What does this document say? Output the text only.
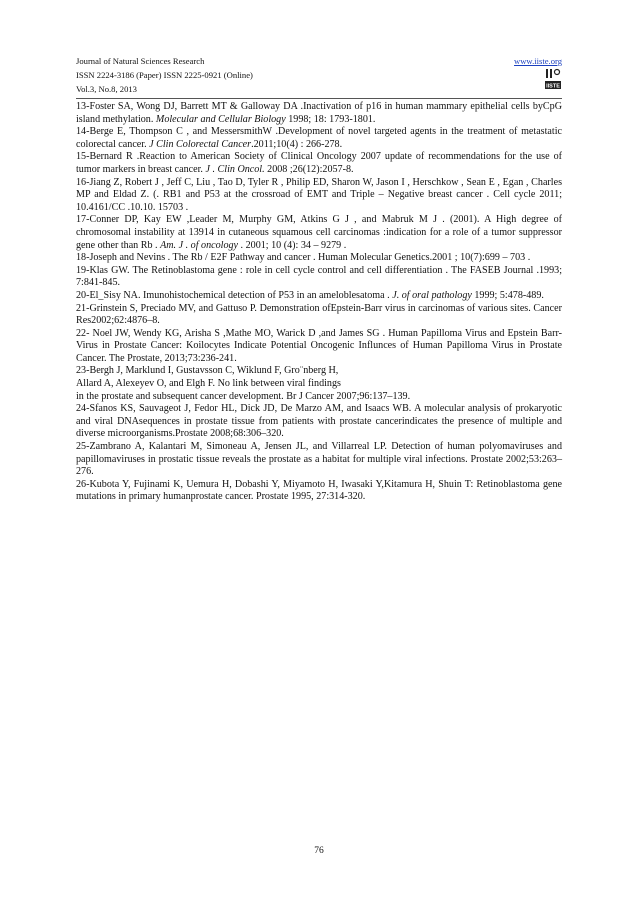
Journal of Natural Sciences Research
ISSN 2224-3186 (Paper) ISSN 2225-0921 (Online)
Vol.3, No.8, 2013
www.iiste.org
IISTE

13-Foster SA, Wong DJ, Barrett MT & Galloway DA .Inactivation of p16 in human mammary epithelial cells byCpG island methylation. Molecular and Cellular Biology 1998; 18: 1793-1801.

14-Berge E, Thompson C , and MessersmithW .Development of novel targeted agents in the treatment of metastatic colorectal cancer. J Clin Colorectal Cancer.2011;10(4) : 266-278.

15-Bernard R .Reaction to American Society of Clinical Oncology 2007 update of recommendations for the use of tumor markers in breast cancer. J . Clin Oncol. 2008 ;26(12):2057-8.

16-Jiang Z, Robert J , Jeff C, Liu , Tao D, Tyler R , Philip ED, Sharon W, Jason I , Herschkow , Sean E , Egan , Charles MP and Eldad Z. (. RB1 and P53 at the crossroad of EMT and Triple – Negative breast cancer . Cell cycle 2011; 10.4161/CC .10.10. 15703 .

17-Conner DP, Kay EW ,Leader M, Murphy GM, Atkins G J , and Mabruk M J . (2001). A High degree of chromosomal instability at 13914 in cutaneous squamous cell carcinomas :indication for a role of a tumor suppressor gene other than Rb . Am. J . of oncology . 2001; 10 (4): 34 – 9279 .

18-Joseph and Nevins . The Rb / E2F Pathway and cancer . Human Molecular Genetics.2001 ; 10(7):699 – 703 .

19-Klas GW. The Retinoblastoma gene : role in cell cycle control and cell differentiation . The FASEB Journal .1993; 7:841-845.

20-El_Sisy NA. Imunohistochemical detection of P53 in an ameloblesatoma . J. of oral pathology 1999; 5:478-489.

21-Grinstein S, Preciado MV, and Gattuso P. Demonstration ofEpstein-Barr virus in carcinomas of various sites. Cancer Res2002;62:4876–8.

22- Noel JW, Wendy KG, Arisha S ,Mathe MO, Warick D ,and James SG . Human Papilloma Virus and Epstein Barr-Virus in Prostate Cancer: Koilocytes Indicate Potential Oncogenic Influnces of Human Papilloma Virus in Prostate Cancer. The Prostate, 2013;73:236-241.

23-Bergh J, Marklund I, Gustavsson C, Wiklund F, Gro¨nberg H,

Allard A, Alexeyev O, and Elgh F. No link between viral findings

in the prostate and subsequent cancer development. Br J Cancer 2007;96:137–139.

24-Sfanos KS, Sauvageot J, Fedor HL, Dick JD, De Marzo AM, and Isaacs WB. A molecular analysis of prokaryotic and viral DNAsequences in prostate tissue from patients with prostate cancerindicates the presence of multiple and diverse microorganisms.Prostate 2008;68:306–320.

25-Zambrano A, Kalantari M, Simoneau A, Jensen JL, and Villarreal LP. Detection of human polyomaviruses and papillomaviruses in prostatic tissue reveals the prostate as a habitat for multiple viral infections. Prostate 2002;53:263–276.

26-Kubota Y, Fujinami K, Uemura H, Dobashi Y, Miyamoto H, Iwasaki Y,Kitamura H, Shuin T: Retinoblastoma gene mutations in primary humanprostate cancer. Prostate 1995, 27:314-320.

76
